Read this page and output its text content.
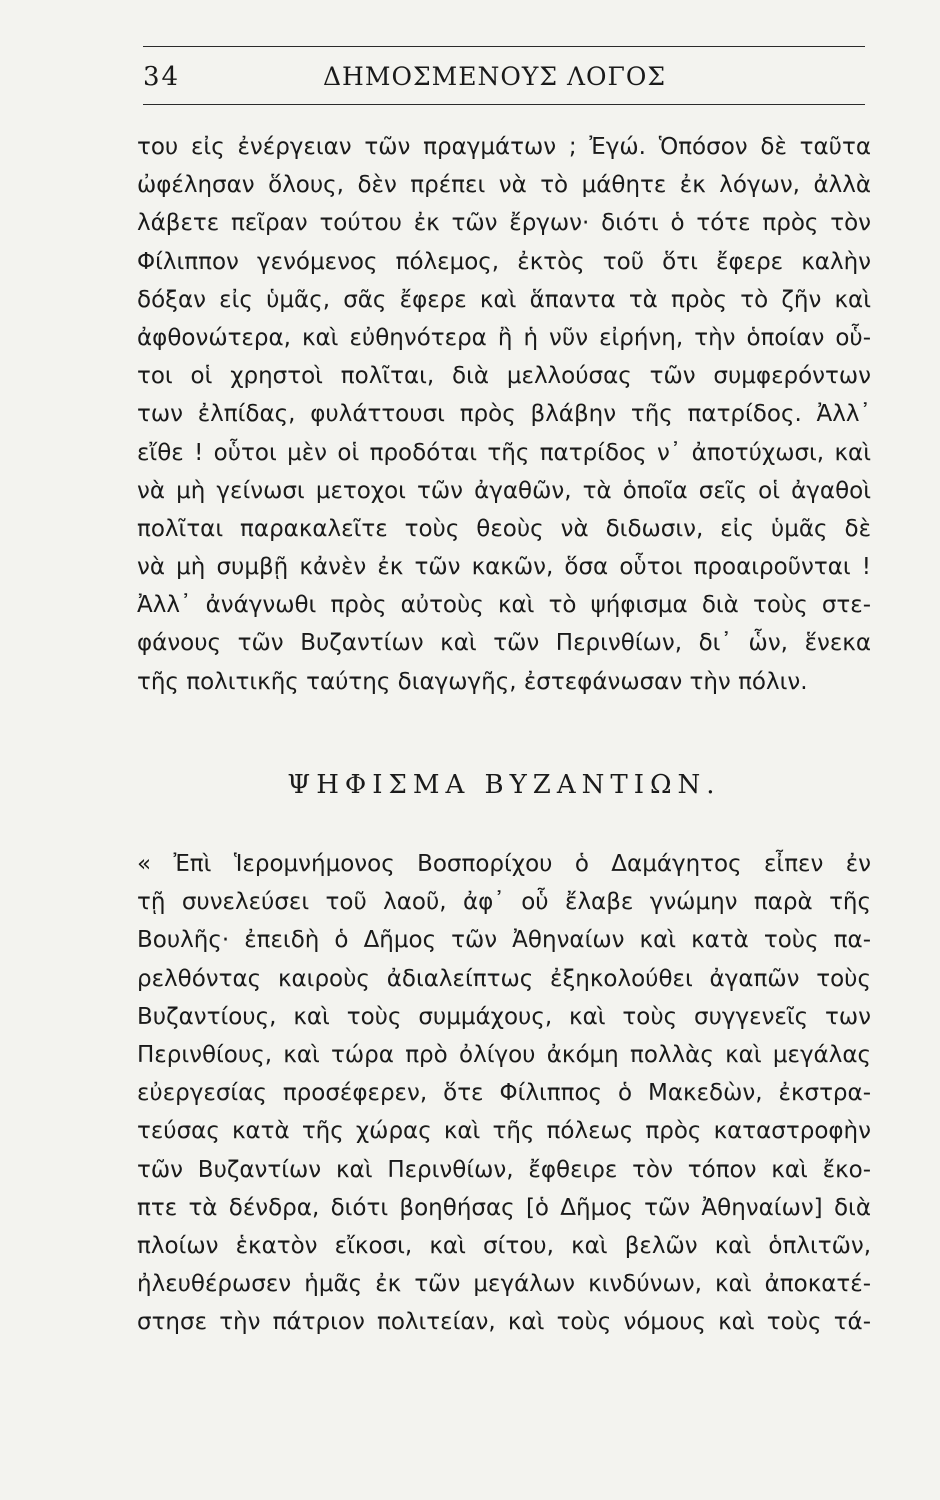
34	ΔΗΜΟΣΜΕΝΟΥΣ ΛΟΓΟΣ
του εἰς ἐνέργειαν τῶν πραγμάτων ; Ἐγώ. Ὁπόσον δὲ ταῦτα
ὠφέλησαν ὅλους, δὲν πρέπει νὰ τὸ μάθητε ἐκ λόγων, ἀλλὰ
λάβετε πεῖραν τούτου ἐκ τῶν ἔργων· διότι ὁ τότε πρὸς τὸν
Φίλιππον γενόμενος πόλεμος, ἐκτὸς τοῦ ὅτι ἔφερε καλὴν
δόξαν εἰς ὑμᾶς, σᾶς ἔφερε καὶ ἅπαντα τὰ πρὸς τὸ ζῆν καὶ
ἀφθονώτερα, καὶ εὐθηνότερα ἢ ἡ νῦν εἰρήνη, τὴν ὁποίαν οὗ-
τοι οἱ χρηστοὶ πολῖται, διὰ μελλούσας τῶν συμφερόντων
των ἐλπίδας, φυλάττουσι πρὸς βλάβην τῆς πατρίδος. Ἀλλ᾽
εἴθε ! οὗτοι μὲν οἱ προδόται τῆς πατρίδος ν᾽ ἀποτύχωσι, καὶ
νὰ μὴ γείνωσι μετοχοι τῶν ἀγαθῶν, τὰ ὁποῖα σεῖς οἱ ἀγαθοὶ
πολῖται παρακαλεῖτε τοὺς θεοὺς νὰ διδωσιν, εἰς ὑμᾶς δὲ
νὰ μὴ συμβῇ κἀνὲν ἐκ τῶν κακῶν, ὅσα οὗτοι προαιροῦνται !
Ἀλλ᾽ ἀνάγνωθι πρὸς αὐτοὺς καὶ τὸ ψήφισμα διὰ τοὺς στε-
φάνους τῶν Βυζαντίων καὶ τῶν Περινθίων, δι᾽ ὧν, ἕνεκα
τῆς πολιτικῆς ταύτης διαγωγῆς, ἐστεφάνωσαν τὴν πόλιν.
ΨΗΦΙΣΜΑ ΒΥΖΑΝΤΙΩΝ.
« Ἐπὶ Ἱερομνήμονος Βοσπορίχου ὁ Δαμάγητος εἶπεν ἐν
τῇ συνελεύσει τοῦ λαοῦ, ἀφ᾽ οὗ ἔλαβε γνώμην παρὰ τῆς
Βουλῆς· ἐπειδὴ ὁ Δῆμος τῶν Ἀθηναίων καὶ κατὰ τοὺς πα-
ρελθόντας καιροὺς ἀδιαλείπτως ἐξηκολούθει ἀγαπῶν τοὺς
Βυζαντίους, καὶ τοὺς συμμάχους, καὶ τοὺς συγγενεῖς των
Περινθίους, καὶ τώρα πρὸ ὀλίγου ἀκόμη πολλὰς καὶ μεγάλας
εὐεργεσίας προσέφερεν, ὅτε Φίλιππος ὁ Μακεδὼν, ἐκστρα-
τεύσας κατὰ τῆς χώρας καὶ τῆς πόλεως πρὸς καταστροφὴν
τῶν Βυζαντίων καὶ Περινθίων, ἔφθειρε τὸν τόπον καὶ ἔκο-
πτε τὰ δένδρα, διότι βοηθήσας [ὁ Δῆμος τῶν Ἀθηναίων] διὰ
πλοίων ἑκατὸν εἴκοσι, καὶ σίτου, καὶ βελῶν καὶ ὁπλιτῶν,
ἠλευθέρωσεν ἡμᾶς ἐκ τῶν μεγάλων κινδύνων, καὶ ἀποκατέ-
στησε τὴν πάτριον πολιτείαν, καὶ τοὺς νόμους καὶ τοὺς τά-
